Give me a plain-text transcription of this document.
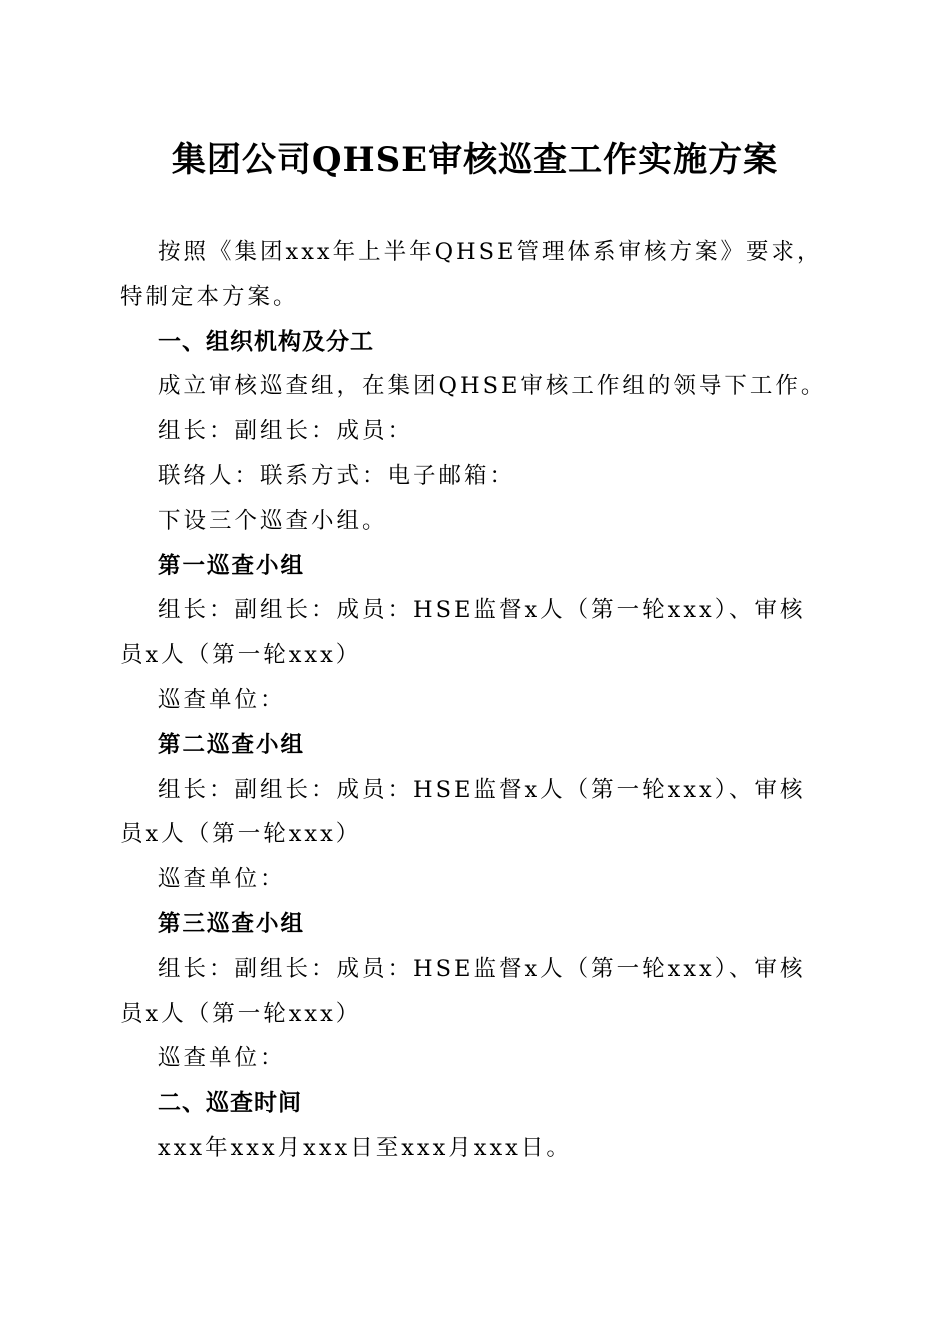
集团公司QHSE审核巡查工作实施方案

按照《集团xxx年上半年QHSE管理体系审核方案》要求，特制定本方案。

一、组织机构及分工

成立审核巡查组，在集团QHSE审核工作组的领导下工作。

组长：副组长：成员：

联络人：联系方式：电子邮箱：

下设三个巡查小组。

第一巡查小组

组长：副组长：成员：HSE监督x人（第一轮xxx）、审核员x人（第一轮xxx）

巡查单位：

第二巡查小组

组长：副组长：成员：HSE监督x人（第一轮xxx）、审核员x人（第一轮xxx）

巡查单位：

第三巡查小组

组长：副组长：成员：HSE监督x人（第一轮xxx）、审核员x人（第一轮xxx）

巡查单位：

二、巡查时间

xxx年xxx月xxx日至xxx月xxx日。
